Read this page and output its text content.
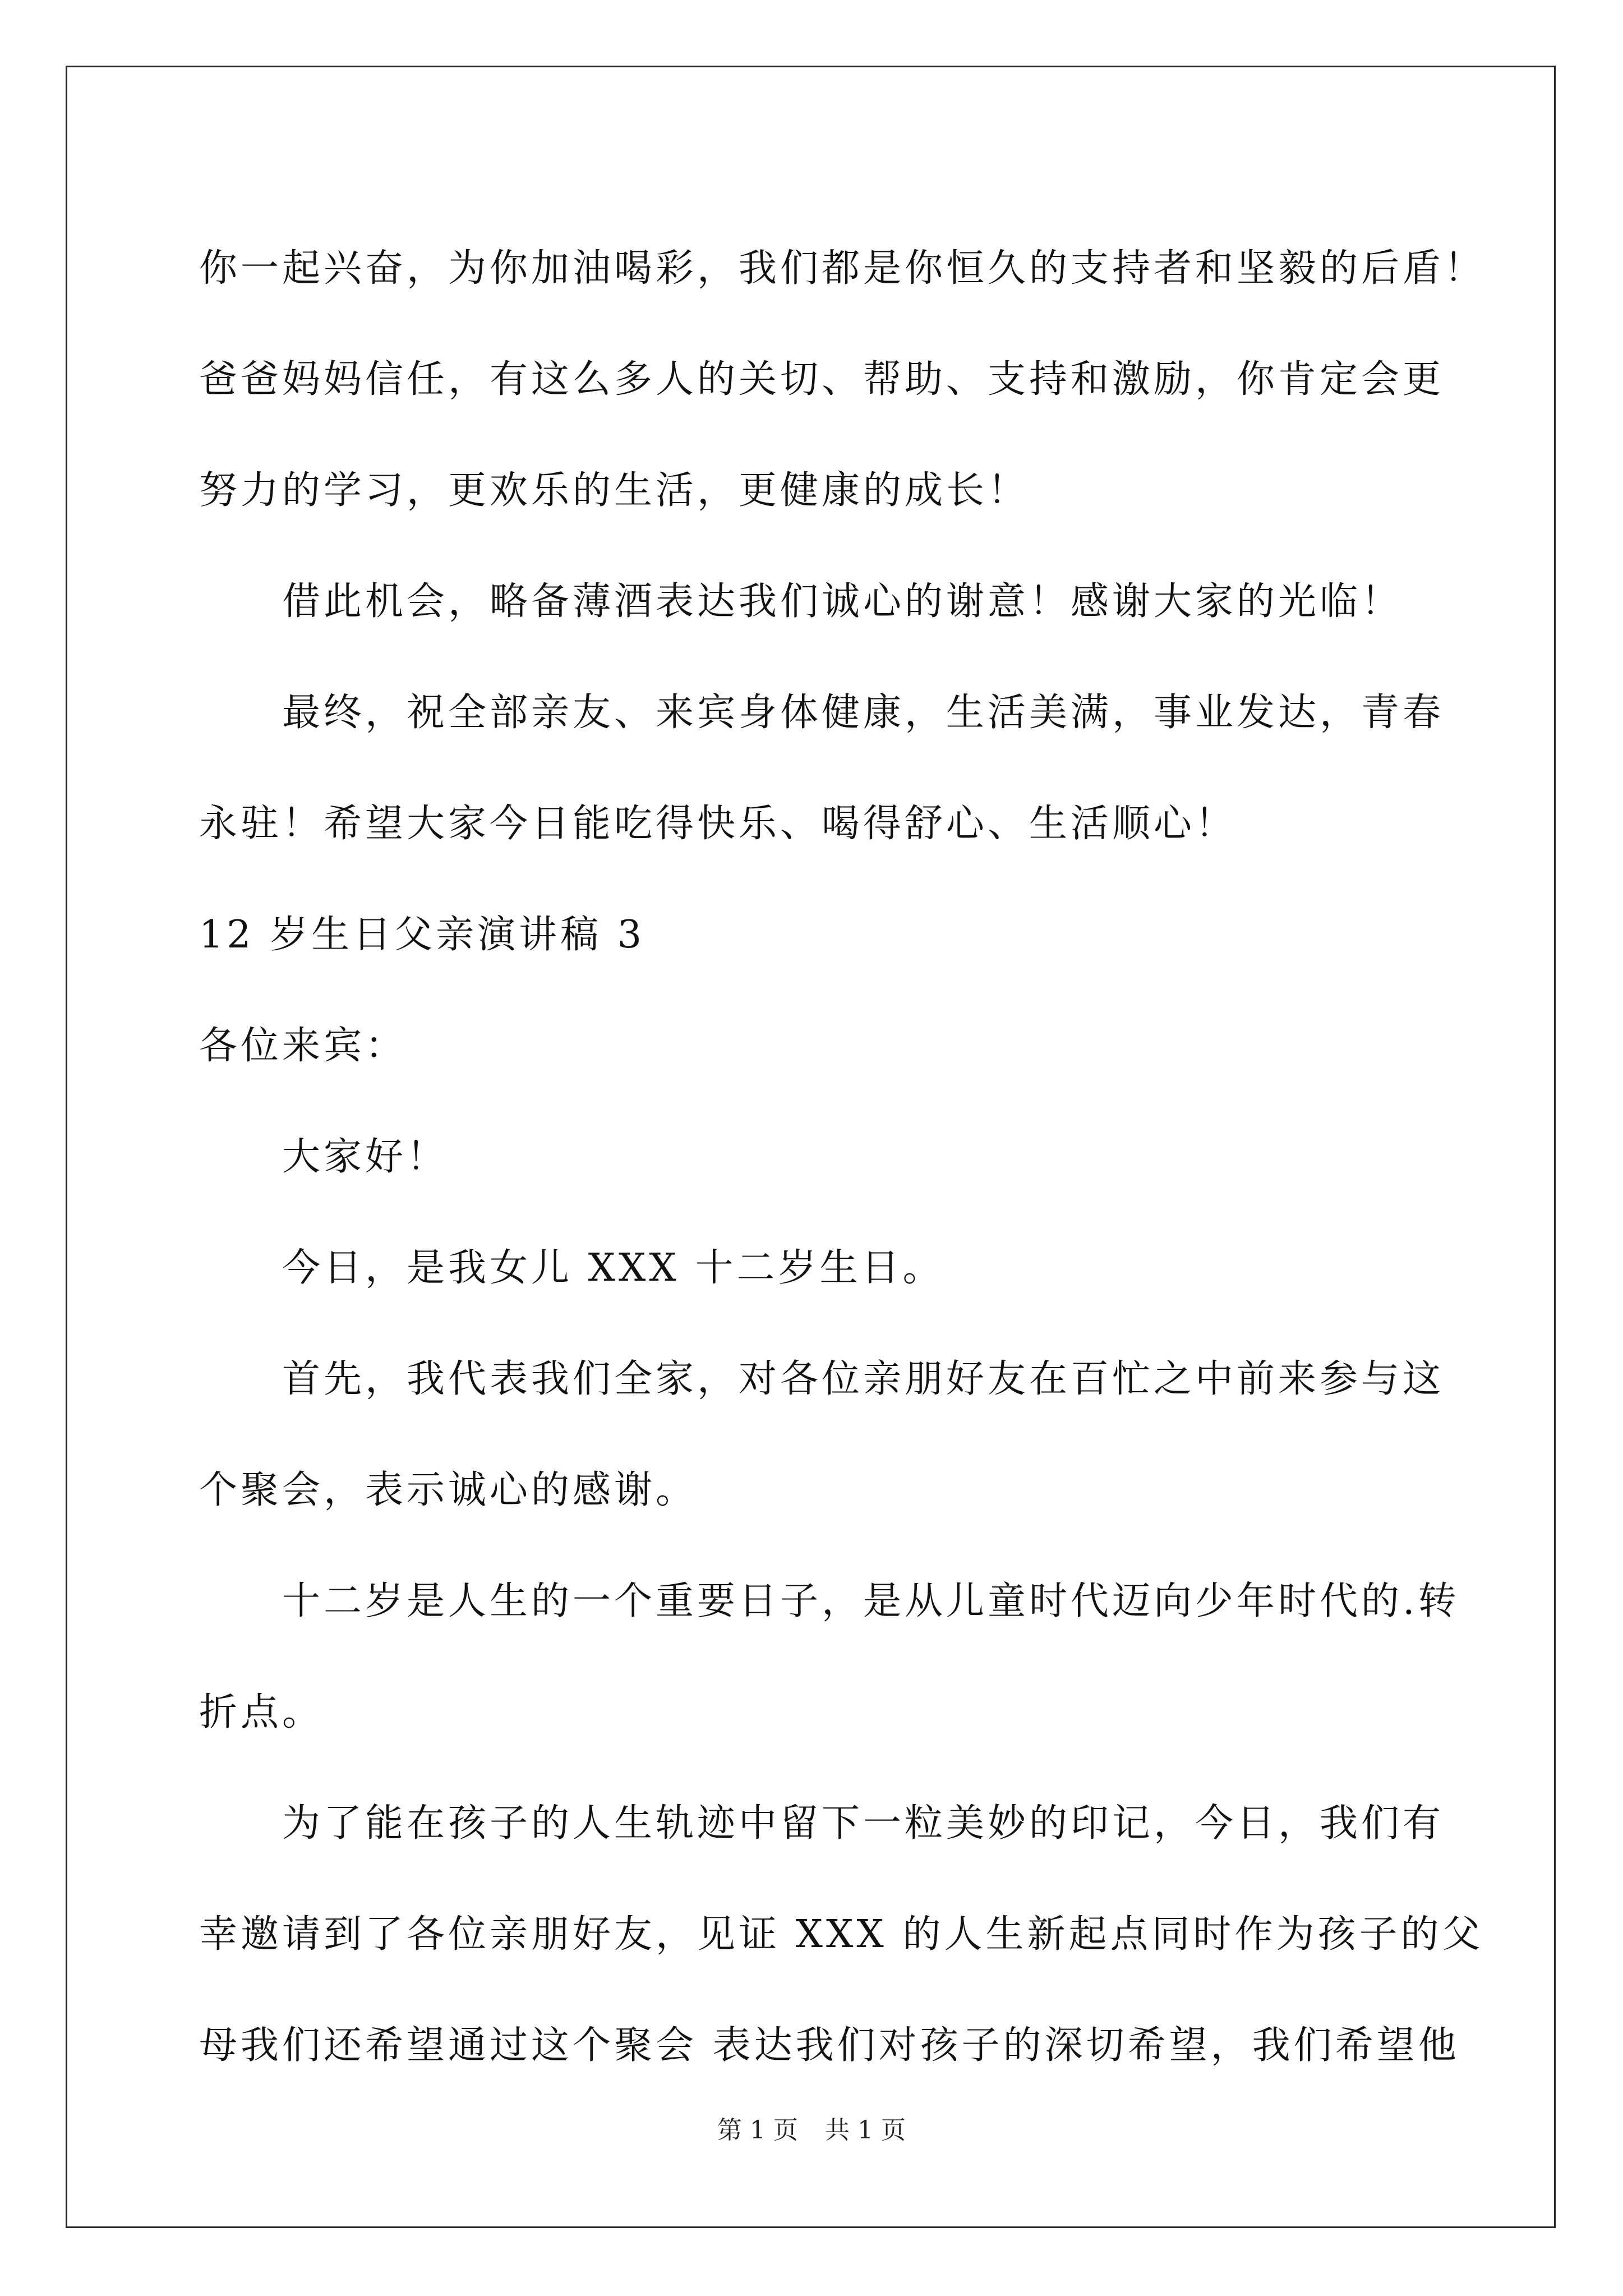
你一起兴奋，为你加油喝彩，我们都是你恒久的支持者和坚毅的后盾！
爸爸妈妈信任，有这么多人的关切、帮助、支持和激励，你肯定会更
努力的学习，更欢乐的生活，更健康的成长！
借此机会，略备薄酒表达我们诚心的谢意！感谢大家的光临！
最终，祝全部亲友、来宾身体健康，生活美满，事业发达，青春
永驻！希望大家今日能吃得快乐、喝得舒心、生活顺心！
12 岁生日父亲演讲稿 3
各位来宾：
大家好！
今日，是我女儿 XXX 十二岁生日。
首先，我代表我们全家，对各位亲朋好友在百忙之中前来参与这
个聚会，表示诚心的感谢。
十二岁是人生的一个重要日子，是从儿童时代迈向少年时代的.转
折点。
为了能在孩子的人生轨迹中留下一粒美妙的印记，今日，我们有
幸邀请到了各位亲朋好友，见证 XXX 的人生新起点同时作为孩子的父
母我们还希望通过这个聚会 表达我们对孩子的深切希望，我们希望他
第 1 页 共 1 页
